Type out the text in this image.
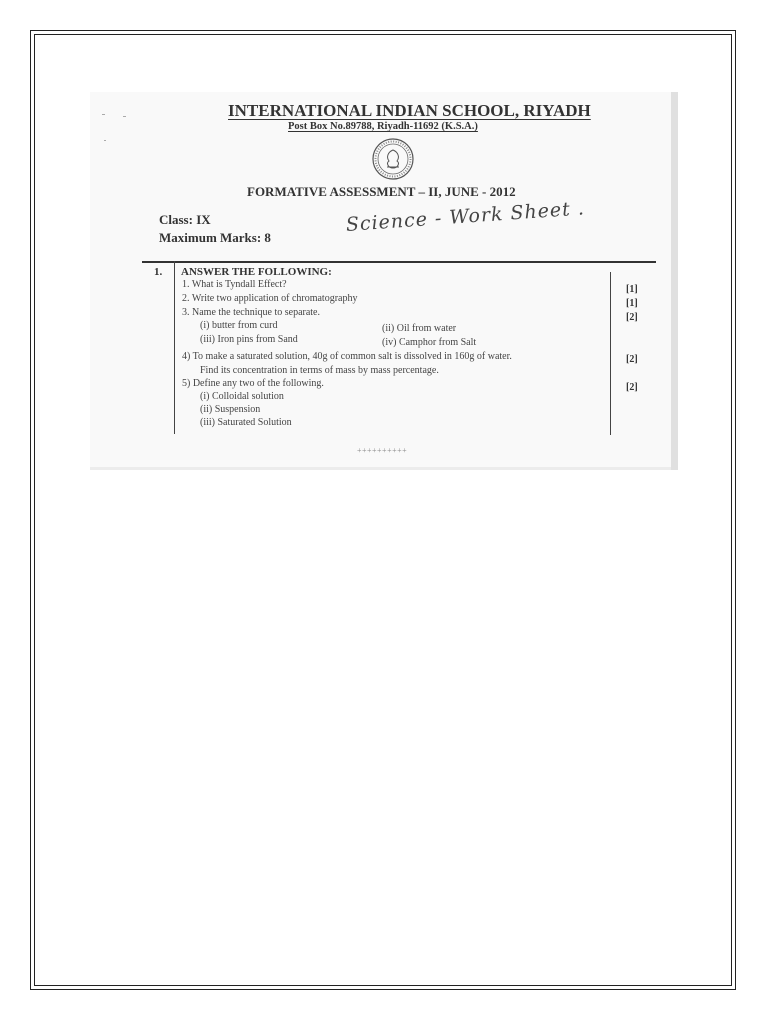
INTERNATIONAL INDIAN SCHOOL, RIYADH
Post Box No.89788, Riyadh-11692 (K.S.A.)
FORMATIVE ASSESSMENT – II, JUNE - 2012
Class: IX
Maximum Marks: 8
Science - Work Sheet .
1. ANSWER THE FOLLOWING:
1. What is Tyndall Effect?
2. Write two application of chromatography
3. Name the technique to separate.
(i) butter from curd	(ii) Oil from water
(iii) Iron pins from Sand	(iv) Camphor from Salt
4) To make a saturated solution, 40g of common salt is dissolved in 160g of water.
Find its concentration in terms of mass by mass percentage.
5) Define any two of the following.
(i) Colloidal solution
(ii) Suspension
(iii) Saturated Solution
[1]
[1]
[2]
[2]
[2]
++++++++++
